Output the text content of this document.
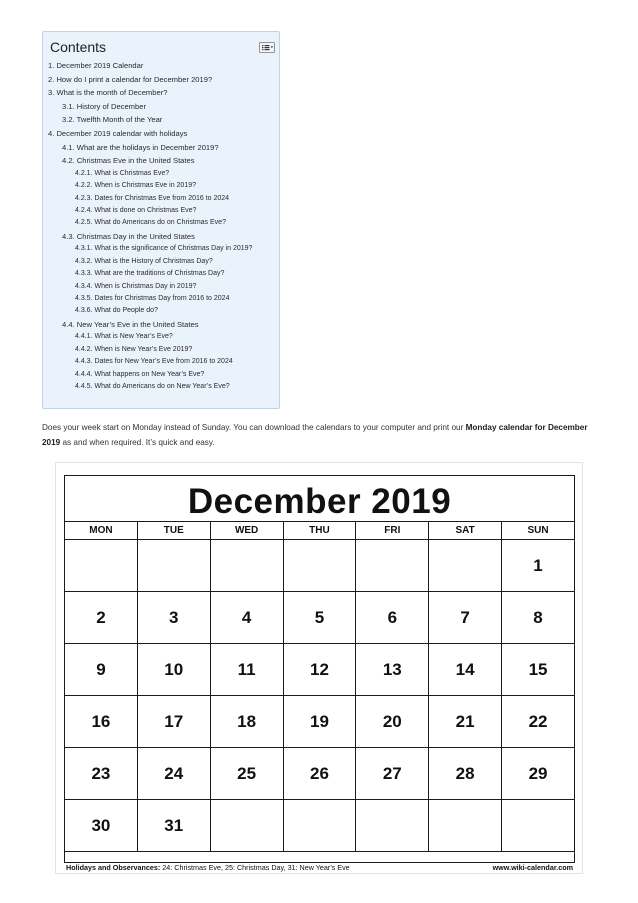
Contents
1. December 2019 Calendar
2. How do I print a calendar for December 2019?
3. What is the month of December?
3.1. History of December
3.2. Twelfth Month of the Year
4. December 2019 calendar with holidays
4.1. What are the holidays in December 2019?
4.2. Christmas Eve in the United States
4.2.1. What is Christmas Eve?
4.2.2. When is Christmas Eve in 2019?
4.2.3. Dates for Christmas Eve from 2016 to 2024
4.2.4. What is done on Christmas Eve?
4.2.5. What do Americans do on Christmas Eve?
4.3. Christmas Day in the United States
4.3.1. What is the significance of Christmas Day in 2019?
4.3.2. What is the History of Christmas Day?
4.3.3. What are the traditions of Christmas Day?
4.3.4. When is Christmas Day in 2019?
4.3.5. Dates for Christmas Day from 2016 to 2024
4.3.6. What do People do?
4.4. New Year’s Eve in the United States
4.4.1. What is New Year’s Eve?
4.4.2. When is New Year’s Eve 2019?
4.4.3. Dates for New Year’s Eve from 2016 to 2024
4.4.4. What happens on New Year’s Eve?
4.4.5. What do Americans do on New Year’s Eve?

Does your week start on Monday instead of Sunday. You can download the calendars to your computer and print our Monday calendar for December 2019 as and when required. It’s quick and easy.

December 2019
MON	TUE	WED	THU	FRI	SAT	SUN
						1
2	3	4	5	6	7	8
9	10	11	12	13	14	15
16	17	18	19	20	21	22
23	24	25	26	27	28	29
30	31					
Holidays and Observances: 24: Christmas Eve, 25: Christmas Day, 31: New Year's Eve	www.wiki-calendar.com
